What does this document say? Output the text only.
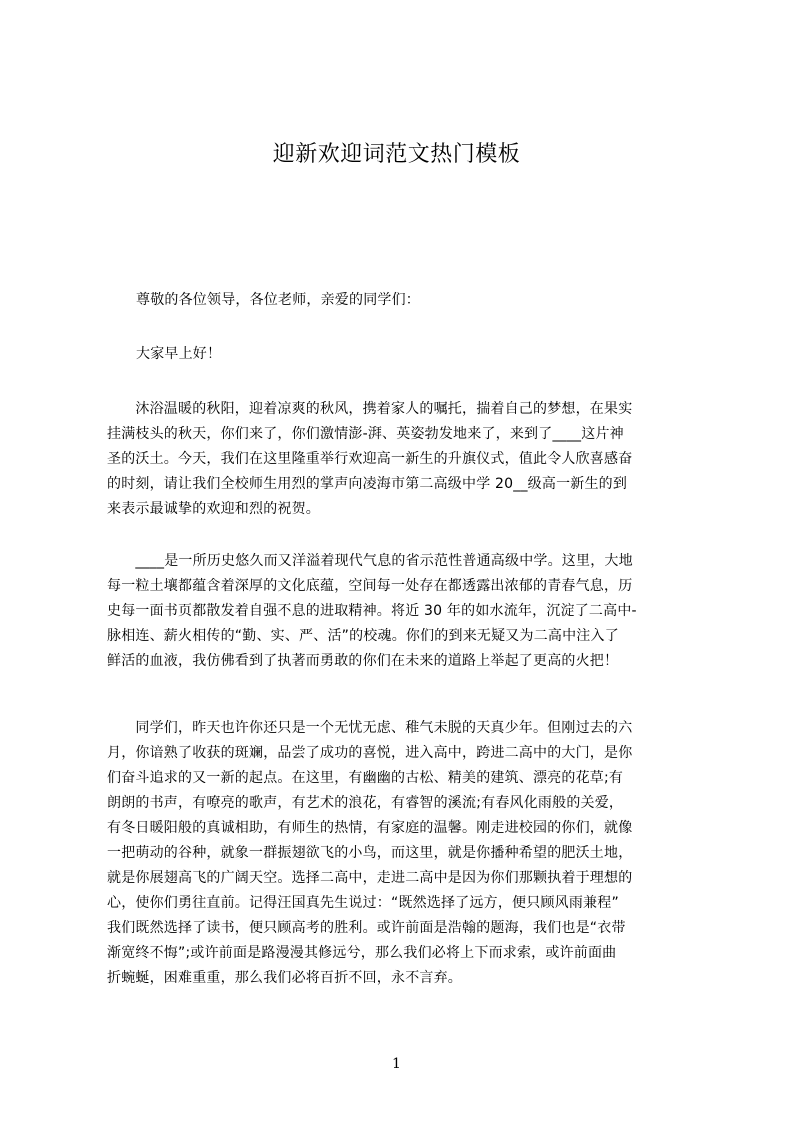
迎新欢迎词范文热门模板
尊敬的各位领导，各位老师，亲爱的同学们：
大家早上好！
　　沐浴温暖的秋阳，迎着凉爽的秋风，携着家人的嘱托，揣着自己的梦想，在果实
挂满枝头的秋天，你们来了，你们激情澎-湃、英姿勃发地来了，来到了____这片神
圣的沃土。今天，我们在这里隆重举行欢迎高一新生的升旗仪式，值此令人欣喜感奋
的时刻，请让我们全校师生用烈的掌声向凌海市第二高级中学 20__级高一新生的到
来表示最诚挚的欢迎和烈的祝贺。
　　____是一所历史悠久而又洋溢着现代气息的省示范性普通高级中学。这里，大地
每一粒土壤都蕴含着深厚的文化底蕴，空间每一处存在都透露出浓郁的青春气息，历
史每一面书页都散发着自强不息的进取精神。将近 30 年的如水流年，沉淀了二高中-
脉相连、薪火相传的“勤、实、严、活”的校魂。你们的到来无疑又为二高中注入了
鲜活的血液，我仿佛看到了执著而勇敢的你们在未来的道路上举起了更高的火把！
　　同学们，昨天也许你还只是一个无忧无虑、稚气未脱的天真少年。但刚过去的六
月，你谙熟了收获的斑斓，品尝了成功的喜悦，进入高中，跨进二高中的大门，是你
们奋斗追求的又一新的起点。在这里，有幽幽的古松、精美的建筑、漂亮的花草;有
朗朗的书声，有嘹亮的歌声，有艺术的浪花，有睿智的溪流;有春风化雨般的关爱，
有冬日暖阳般的真诚相助，有师生的热情，有家庭的温馨。刚走进校园的你们，就像
一把萌动的谷种，就象一群振翅欲飞的小鸟，而这里，就是你播种希望的肥沃土地，
就是你展翅高飞的广阔天空。选择二高中，走进二高中是因为你们那颗执着于理想的
心，使你们勇往直前。记得汪国真先生说过：“既然选择了远方，便只顾风雨兼程”
我们既然选择了读书，便只顾高考的胜利。或许前面是浩翰的题海，我们也是“衣带
渐宽终不悔”;或许前面是路漫漫其修远兮，那么我们必将上下而求索，或许前面曲
折蜿蜒，困难重重，那么我们必将百折不回，永不言弃。
1
